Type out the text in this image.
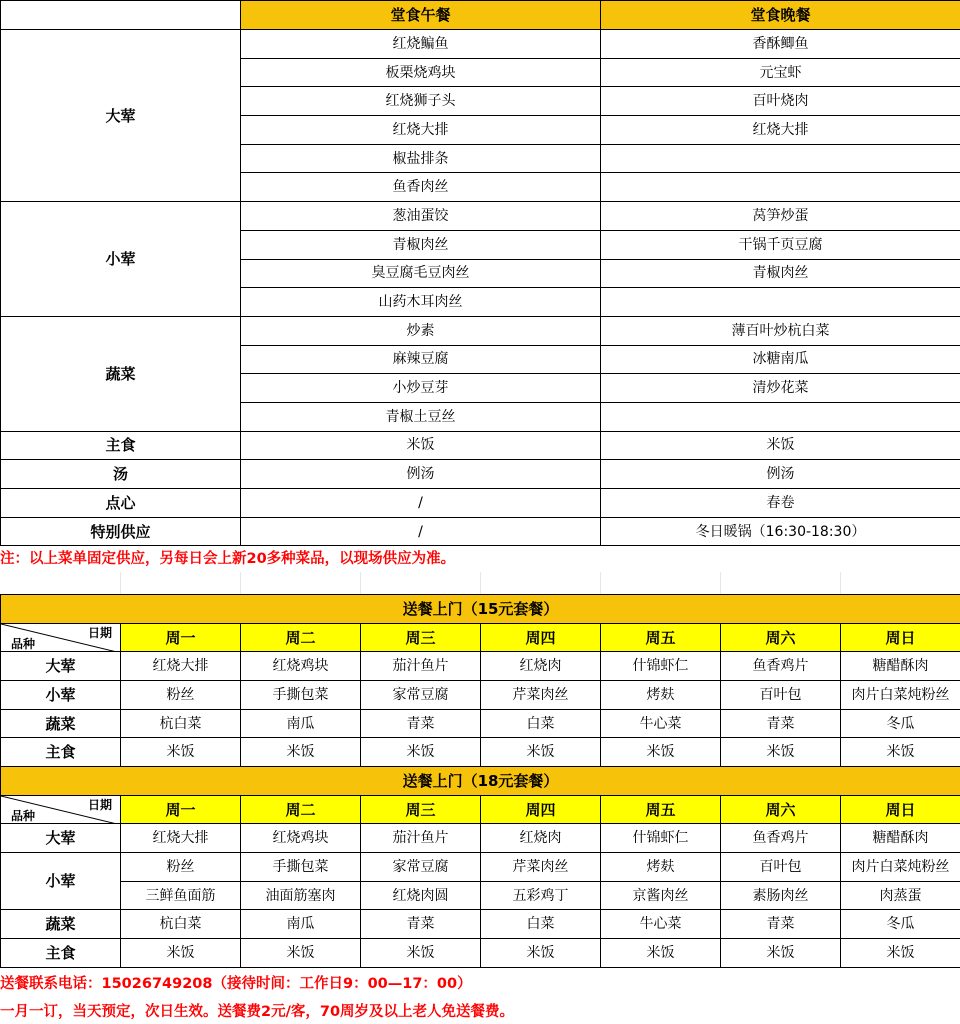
	堂食午餐	堂食晚餐
大荤	红烧鳊鱼	香酥鲫鱼
	板栗烧鸡块	元宝虾
	红烧狮子头	百叶烧肉
	红烧大排	红烧大排
	椒盐排条	
	鱼香肉丝	
小荤	葱油蛋饺	莴笋炒蛋
	青椒肉丝	干锅千页豆腐
	臭豆腐毛豆肉丝	青椒肉丝
	山药木耳肉丝	
蔬菜	炒素	薄百叶炒杭白菜
	麻辣豆腐	冰糖南瓜
	小炒豆芽	清炒花菜
	青椒土豆丝	
主食	米饭	米饭
汤	例汤	例汤
点心	/	春卷
特别供应	/	冬日暖锅（16:30-18:30）
注：以上菜单固定供应，另每日会上新20多种菜品，以现场供应为准。
送餐上门（15元套餐）							

日期
品种	周一	周二	周三	周四	周五	周六	周日
大荤	红烧大排	红烧鸡块	茄汁鱼片	红烧肉	什锦虾仁	鱼香鸡片	糖醋酥肉
小荤	粉丝	手撕包菜	家常豆腐	芹菜肉丝	烤麸	百叶包	肉片白菜炖粉丝
蔬菜	杭白菜	南瓜	青菜	白菜	牛心菜	青菜	冬瓜
主食	米饭	米饭	米饭	米饭	米饭	米饭	米饭
送餐上门（18元套餐）							

日期
品种	周一	周二	周三	周四	周五	周六	周日
大荤	红烧大排	红烧鸡块	茄汁鱼片	红烧肉	什锦虾仁	鱼香鸡片	糖醋酥肉
小荤	粉丝	手撕包菜	家常豆腐	芹菜肉丝	烤麸	百叶包	肉片白菜炖粉丝
	三鲜鱼面筋	油面筋塞肉	红烧肉圆	五彩鸡丁	京酱肉丝	素肠肉丝	肉蒸蛋
蔬菜	杭白菜	南瓜	青菜	白菜	牛心菜	青菜	冬瓜
主食	米饭	米饭	米饭	米饭	米饭	米饭	米饭
送餐联系电话：15026749208（接待时间：工作日9：00—17：00）
一月一订，当天预定，次日生效。送餐费2元/客，70周岁及以上老人免送餐费。
